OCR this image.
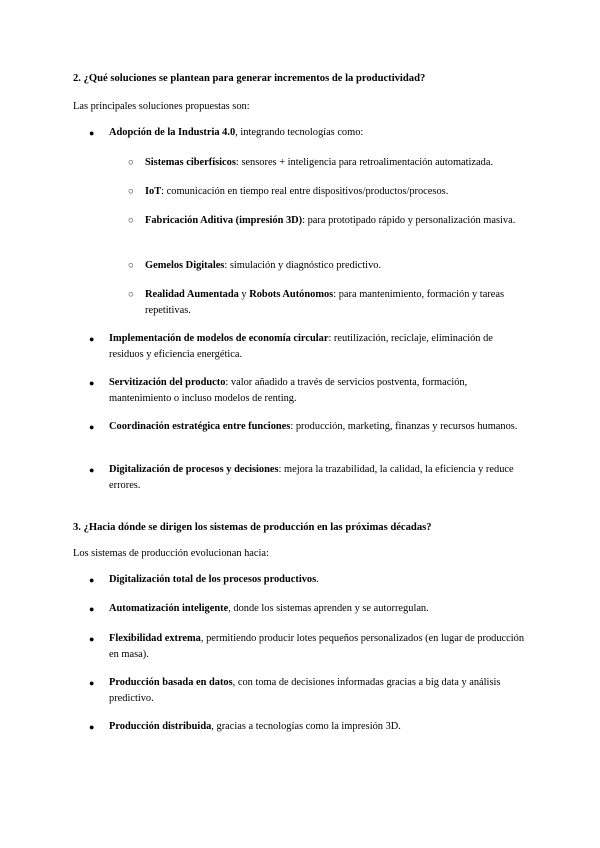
2. ¿Qué soluciones se plantean para generar incrementos de la productividad?
Las principales soluciones propuestas son:
● Adopción de la Industria 4.0, integrando tecnologías como:
○ Sistemas ciberfísicos: sensores + inteligencia para retroalimentación automatizada.
○ IoT: comunicación en tiempo real entre dispositivos/productos/procesos.
○ Fabricación Aditiva (impresión 3D): para prototipado rápido y personalización masiva.
○ Gemelos Digitales: simulación y diagnóstico predictivo.
○ Realidad Aumentada y Robots Autónomos: para mantenimiento, formación y tareas repetitivas.
● Implementación de modelos de economía circular: reutilización, reciclaje, eliminación de residuos y eficiencia energética.
● Servitización del producto: valor añadido a través de servicios postventa, formación, mantenimiento o incluso modelos de renting.
● Coordinación estratégica entre funciones: producción, marketing, finanzas y recursos humanos.
● Digitalización de procesos y decisiones: mejora la trazabilidad, la calidad, la eficiencia y reduce errores.
3. ¿Hacia dónde se dirigen los sistemas de producción en las próximas décadas?
Los sistemas de producción evolucionan hacia:
● Digitalización total de los procesos productivos.
● Automatización inteligente, donde los sistemas aprenden y se autorregulan.
● Flexibilidad extrema, permitiendo producir lotes pequeños personalizados (en lugar de producción en masa).
● Producción basada en datos, con toma de decisiones informadas gracias a big data y análisis predictivo.
● Producción distribuida, gracias a tecnologías como la impresión 3D.
